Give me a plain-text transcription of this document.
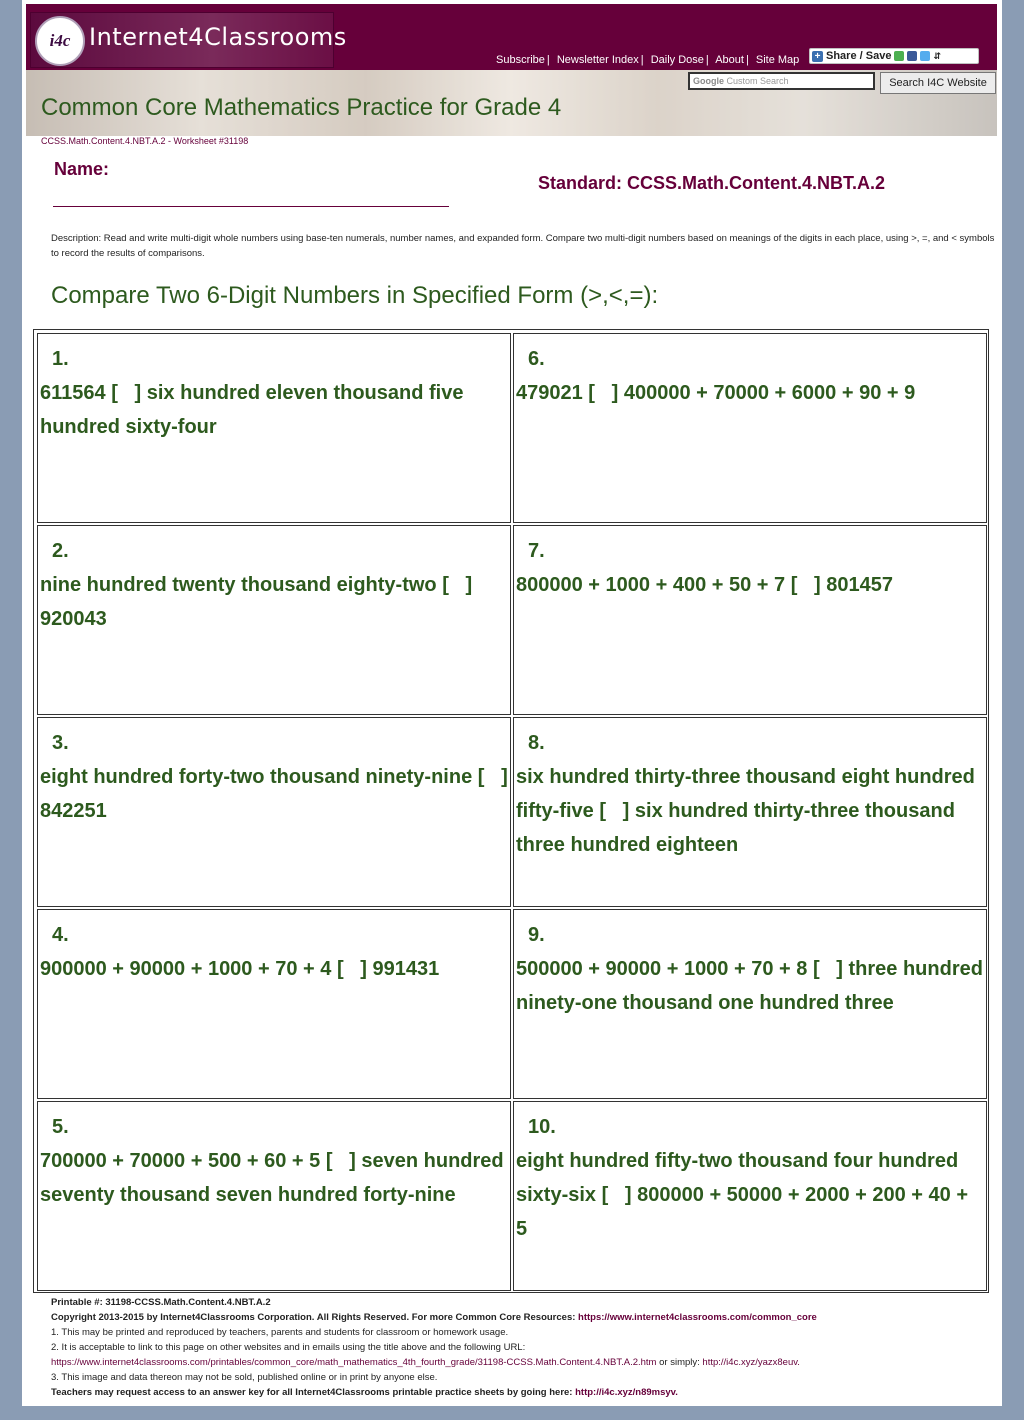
i4c Internet4Classrooms
Subscribe | Newsletter Index | Daily Dose | About | Site Map + Share / Save	⇵
Google Custom Search	Search I4C Website
Common Core Mathematics Practice for Grade 4
CCSS.Math.Content.4.NBT.A.2 - Worksheet #31198
Name:
Standard: CCSS.Math.Content.4.NBT.A.2
Description: Read and write multi-digit whole numbers using base-ten numerals, number names, and expanded form. Compare two multi-digit numbers based on meanings of the digits in each place, using >, =, and < symbols to record the results of comparisons.
Compare Two 6-Digit Numbers in Specified Form (>,<,=):
1.
611564 [   ] six hundred eleven thousand five hundred sixty-four
2.
nine hundred twenty thousand eighty-two [   ] 920043
3.
eight hundred forty-two thousand ninety-nine [   ] 842251
4.
900000 + 90000 + 1000 + 70 + 4 [   ] 991431
5.
700000 + 70000 + 500 + 60 + 5 [   ] seven hundred seventy thousand seven hundred forty-nine
6.
479021 [   ] 400000 + 70000 + 6000 + 90 + 9
7.
800000 + 1000 + 400 + 50 + 7 [   ] 801457
8.
six hundred thirty-three thousand eight hundred fifty-five [   ] six hundred thirty-three thousand three hundred eighteen
9.
500000 + 90000 + 1000 + 70 + 8 [   ] three hundred ninety-one thousand one hundred three
10.
eight hundred fifty-two thousand four hundred sixty-six [   ] 800000 + 50000 + 2000 + 200 + 40 + 5
Printable #: 31198-CCSS.Math.Content.4.NBT.A.2
Copyright 2013-2015 by Internet4Classrooms Corporation. All Rights Reserved. For more Common Core Resources: https://www.internet4classrooms.com/common_core
1. This may be printed and reproduced by teachers, parents and students for classroom or homework usage.
2. It is acceptable to link to this page on other websites and in emails using the title above and the following URL:
https://www.internet4classrooms.com/printables/common_core/math_mathematics_4th_fourth_grade/31198-CCSS.Math.Content.4.NBT.A.2.htm or simply: http://i4c.xyz/yazx8euv.
3. This image and data thereon may not be sold, published online or in print by anyone else.
Teachers may request access to an answer key for all Internet4Classrooms printable practice sheets by going here: http://i4c.xyz/n89msyv.
